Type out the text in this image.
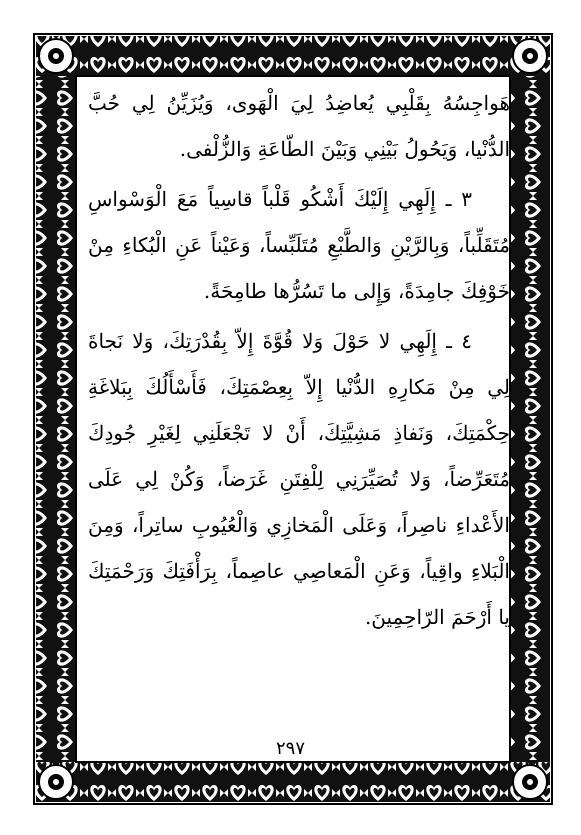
هَواجِسُهُ بِقَلْبِي يُعاضِدُ لِيَ الْهَوى، وَيُزَيِّنُ لِي حُبَّ الدُّنْيا، وَيَحُولُ بَيْنِي وَبَيْنَ الطّاعَةِ وَالزُّلْفى.

٣ ـ إِلَهِي إِلَيْكَ أَشْكُو قَلْباً قاسِياً مَعَ الْوَسْواسِ مُتَقَلِّباً، وَبِالرَّيْنِ وَالطَّبْعِ مُتَلَبِّساً، وَعَيْناً عَنِ الْبُكاءِ مِنْ خَوْفِكَ جامِدَةً، وَإِلى ما تَسُرُّها طامِحَةً.

٤ ـ إِلَهِي لا حَوْلَ وَلا قُوَّةَ إِلاّ بِقُدْرَتِكَ، وَلا نَجاةَ لِي مِنْ مَكارِهِ الدُّنْيا إِلاّ بِعِصْمَتِكَ، فَأَسْأَلُكَ بِبَلاغَةِ حِكْمَتِكَ، وَنَفاذِ مَشِيَّتِكَ، أَنْ لا تَجْعَلَنِي لِغَيْرِ جُودِكَ مُتَعَرِّضاً، وَلا تُصَيِّرَنِي لِلْفِتَنِ غَرَضاً، وَكُنْ لِي عَلَى الأَعْداءِ ناصِراً، وَعَلَى الْمَخازِي وَالْعُيُوبِ ساتِراً، وَمِنَ الْبَلاءِ واقِياً، وَعَنِ الْمَعاصِي عاصِماً، بِرَأْفَتِكَ وَرَحْمَتِكَ يا أَرْحَمَ الرّاحِمِينَ.

٢٩٧
